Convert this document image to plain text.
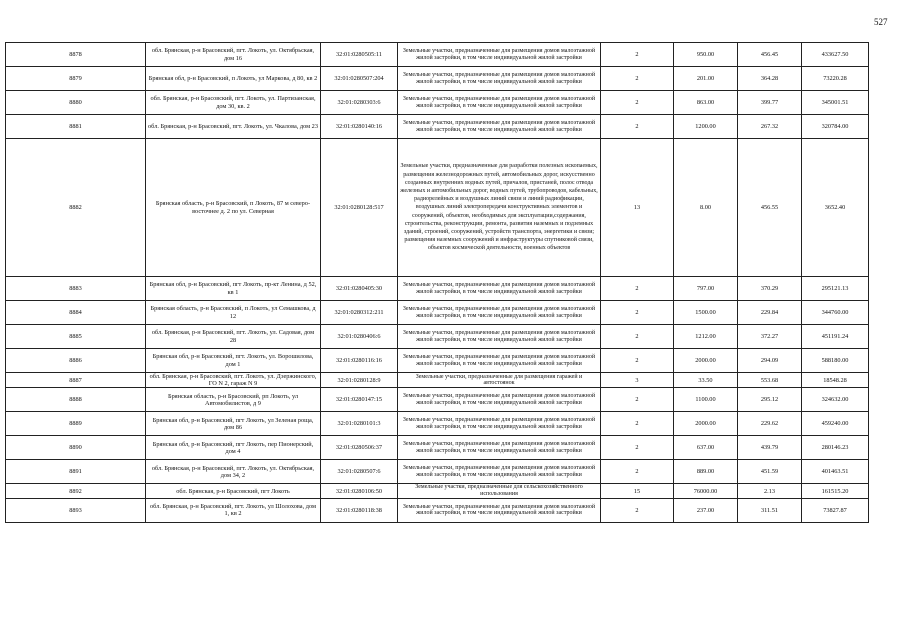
527
8878	обл. Брянская, р-н Брасовский, пгт. Локоть, ул. Октябрьская, дом 16	32:01:0280505:11	Земельные участки, предназначенные для размещения домов малоэтажной жилой застройки, в том числе индивидуальной жилой застройки	2	950.00	456.45	433627.50
8879	Брянская обл, р-н Брасовский, п Локоть, ул Маркова, д 80, кв 2	32:01:0280507:204	Земельные участки, предназначенные для размещения домов малоэтажной жилой застройки, в том числе индивидуальной жилой застройки	2	201.00	364.28	73220.28
8880	обл. Брянская, р-н Брасовский, пгт. Локоть, ул. Партизанская, дом 30, кв. 2	32:01:0280303:6	Земельные участки, предназначенные для размещения домов малоэтажной жилой застройки, в том числе индивидуальной жилой застройки	2	863.00	399.77	345001.51
8881	обл. Брянская, р-н Брасовский, пгт. Локоть, ул. Чкалова, дом 23	32:01:0280140:16	Земельные участки, предназначенные для размещения домов малоэтажной жилой застройки, в том числе индивидуальной жилой застройки	2	1200.00	267.32	320784.00
8882	Брянская область, р-н Брасовский, п Локоть, 87 м северо-восточнее д. 2 по ул. Северная	32:01:0280128:517	Земельные участки, предназначенные для разработки полезных ископаемых, размещения железнодорожных путей, автомобильных дорог, искусственно созданных внутренних водных путей, причалов, пристаней, полос отвода железных и автомобильных дорог, водных путей, трубопроводов, кабельных, радиорелейных и воздушных линий связи и линий радиофикации, воздушных линий электропередачи конструктивных элементов и сооружений, объектов, необходимых для эксплуатации,содержания, строительства, реконструкции, ремонта, развития наземных и подземных зданий, строений, сооружений, устройств транспорта, энергетики и связи; размещения наземных сооружений и инфраструктуры спутниковой связи, объектов космической деятельности, военных объектов	13	8.00	456.55	3652.40
8883	Брянская обл, р-н Брасовский, пгт Локоть, пр-кт Ленина, д 52, кв 1	32:01:0280405:30	Земельные участки, предназначенные для размещения домов малоэтажной жилой застройки, в том числе индивидуальной жилой застройки	2	797.00	370.29	295121.13
8884	Брянская область, р-н Брасовский, п Локоть, ул Семашкова, д 12	32:01:0280312:211	Земельные участки, предназначенные для размещения домов малоэтажной жилой застройки, в том числе индивидуальной жилой застройки	2	1500.00	229.84	344760.00
8885	обл. Брянская, р-н Брасовский, пгт. Локоть, ул. Садовая, дом 28	32:01:0280406:6	Земельные участки, предназначенные для размещения домов малоэтажной жилой застройки, в том числе индивидуальной жилой застройки	2	1212.00	372.27	451191.24
8886	Брянская обл, р-н Брасовский, пгт. Локоть, ул. Ворошилова, дом 1	32:01:0280116:16	Земельные участки, предназначенные для размещения домов малоэтажной жилой застройки, в том числе индивидуальной жилой застройки	2	2000.00	294.09	588180.00
8887	обл. Брянская, р-н Брасовский, пгт. Локоть, ул. Дзержинского, ГО N 2, гараж N 9	32:01:0280128:9	Земельные участки, предназначенные для размещения гаражей и автостоянок	3	33.50	553.68	18548.28
8888	Брянская область, р-н Брасовский, рп Локоть, ул Автомобилистов, д 9	32:01:0280147:15	Земельные участки, предназначенные для размещения домов малоэтажной жилой застройки, в том числе индивидуальной жилой застройки	2	1100.00	295.12	324632.00
8889	Брянская обл, р-н Брасовский, пгт Локоть, ул Зеленая роща, дом 86	32:01:0280101:3	Земельные участки, предназначенные для размещения домов малоэтажной жилой застройки, в том числе индивидуальной жилой застройки	2	2000.00	229.62	459240.00
8890	Брянская обл, р-н Брасовский, пгт Локоть, пер Пионерский, дом 4	32:01:0280506:37	Земельные участки, предназначенные для размещения домов малоэтажной жилой застройки, в том числе индивидуальной жилой застройки	2	637.00	439.79	280146.23
8891	обл. Брянская, р-н Брасовский, пгт. Локоть, ул. Октябрьская, дом 34, 2	32:01:0280507:6	Земельные участки, предназначенные для размещения домов малоэтажной жилой застройки, в том числе индивидуальной жилой застройки	2	889.00	451.59	401463.51
8892	обл. Брянская, р-н Брасовский, пгт Локоть	32:01:0280106:50	Земельные участки, предназначенные для сельскохозяйственного использования	15	76000.00	2.13	161515.20
8893	обл. Брянская, р-н Брасовский, пгт. Локоть, ул Шолохова, дом 1, кв 2	32:01:0280118:38	Земельные участки, предназначенные для размещения домов малоэтажной жилой застройки, в том числе индивидуальной жилой застройки	2	237.00	311.51	73827.87
